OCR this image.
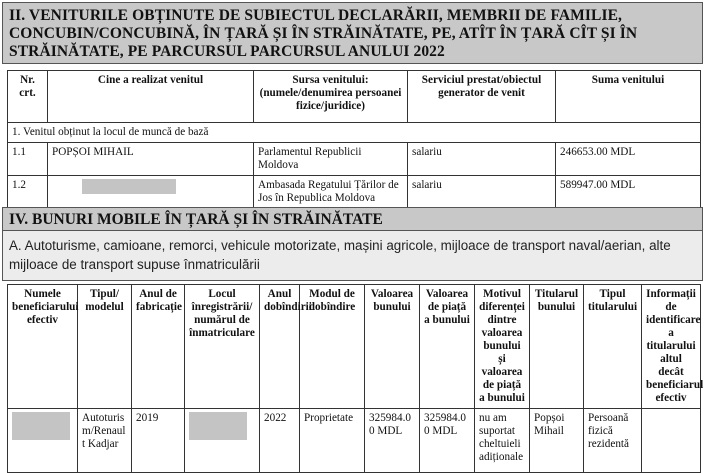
II. VENITURILE OBȚINUTE DE SUBIECTUL DECLARĂRII, MEMBRII DE FAMILIE, CONCUBIN/CONCUBINĂ, ÎN ȚARĂ ȘI ÎN STRĂINĂTATE, PE, ATÎT ÎN ȚARĂ CÎT ȘI ÎN STRĂINĂTATE, PE PARCURSUL PARCURSUL ANULUI 2022
Nr. crt.	Cine a realizat venitul	Sursa venitului: (numele/denumirea persoanei fizice/juridice)	Serviciul prestat/obiectul generator de venit	Suma venitului
1. Venitul obținut la locul de muncă de bază				
1.1	POPȘOI MIHAIL	Parlamentul Republicii Moldova	salariu	246653.00 MDL
1.2		Ambasada Regatului Țărilor de Jos în Republica Moldova	salariu	589947.00 MDL
IV. BUNURI MOBILE ÎN ȚARĂ ȘI ÎN STRĂINĂTATE
A. Autoturisme, camioane, remorci, vehicule motorizate, mașini agricole, mijloace de transport naval/aerian, alte mijloace de transport supuse înmatriculării
Numele beneficiarului efectiv	Tipul/ modelul	Anul de fabricație	Locul înregistrării/ numărul de înmatriculare	Anul dobîndirii	Modul de dobîndire	Valoarea bunului	Valoarea de piață a bunului	Motivul diferenței dintre valoarea bunului și valoarea de piață a bunului	Titularul bunului	Tipul titularului	Informații de identificare a titularului altul decât beneficiarul efectiv
	Autoturism/Renault Kadjar	2019		2022	Proprietate	325984.00 MDL	325984.00 MDL	nu am suportat cheltuieli adiționale	Popșoi Mihail	Persoană fizică rezidentă	
